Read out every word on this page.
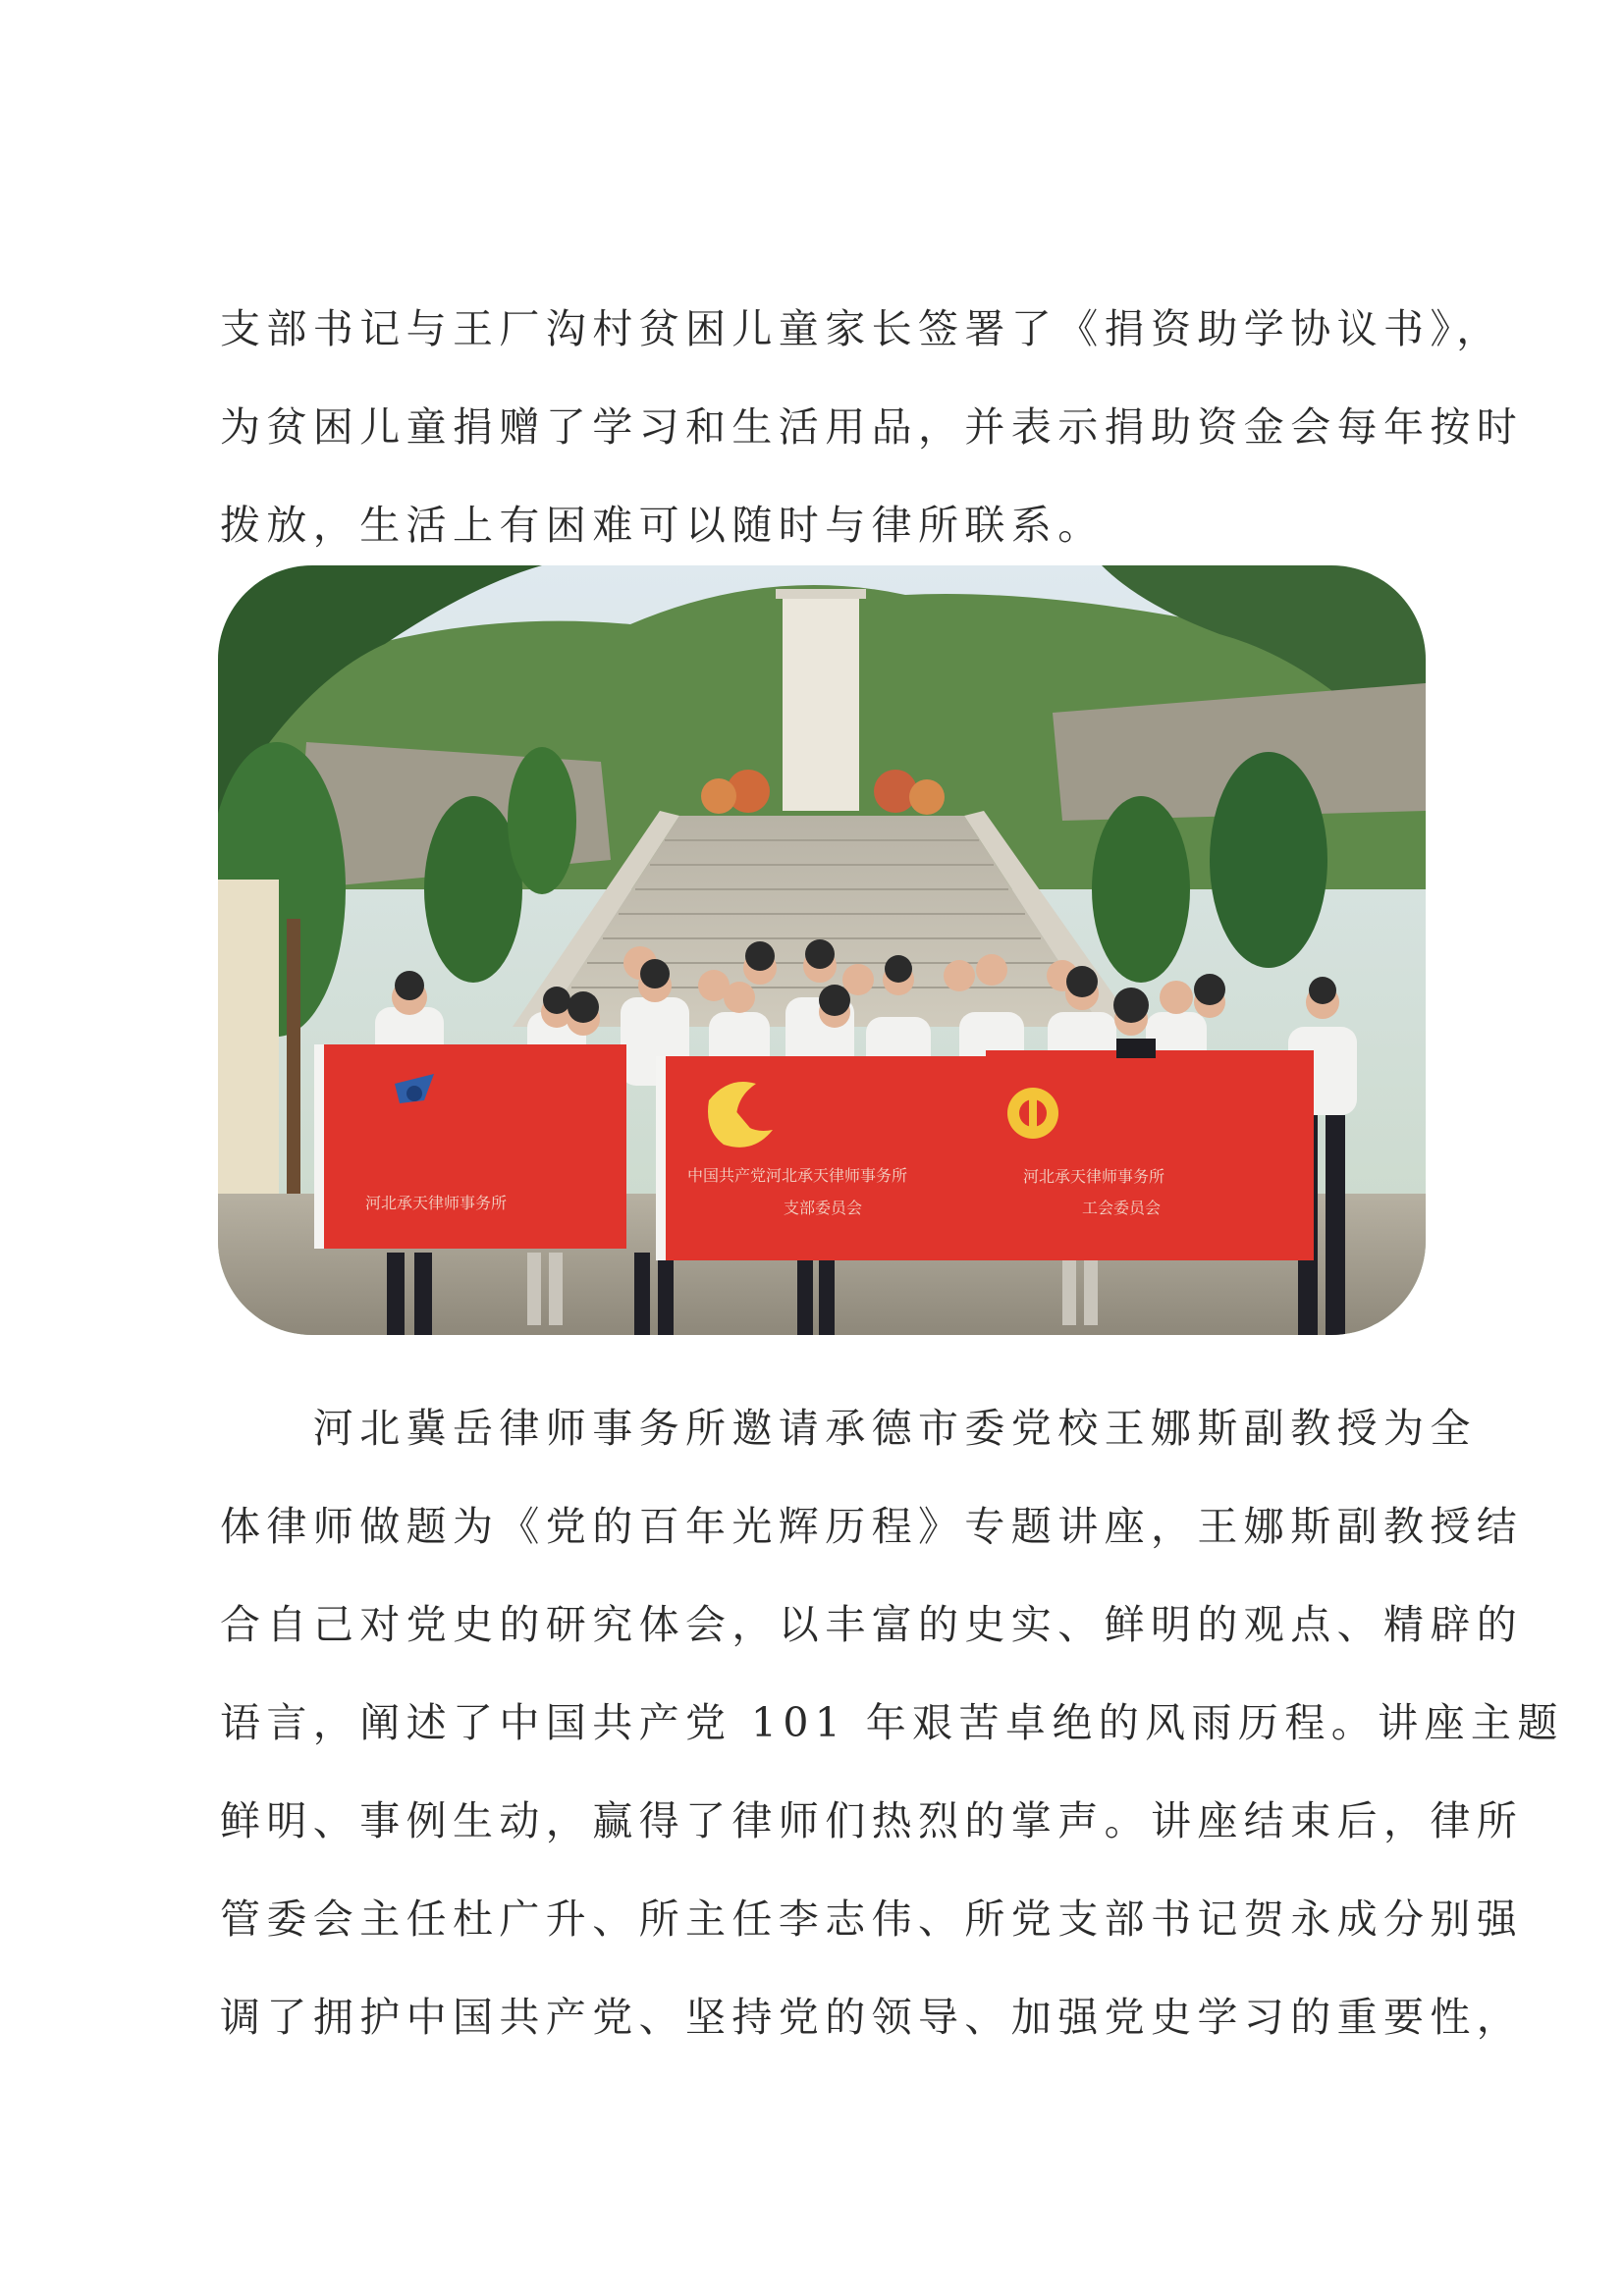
支部书记与王厂沟村贫困儿童家长签署了《捐资助学协议书》，
为贫困儿童捐赠了学习和生活用品，并表示捐助资金会每年按时
拨放，生活上有困难可以随时与律所联系。

河北承天律师事务所
中国共产党河北承天律师事务所
支部委员会
河北承天律师事务所
工会委员会

　　河北冀岳律师事务所邀请承德市委党校王娜斯副教授为全
体律师做题为《党的百年光辉历程》专题讲座，王娜斯副教授结
合自己对党史的研究体会，以丰富的史实、鲜明的观点、精辟的
语言，阐述了中国共产党 101 年艰苦卓绝的风雨历程。讲座主题
鲜明、事例生动，赢得了律师们热烈的掌声。讲座结束后，律所
管委会主任杜广升、所主任李志伟、所党支部书记贺永成分别强
调了拥护中国共产党、坚持党的领导、加强党史学习的重要性，
